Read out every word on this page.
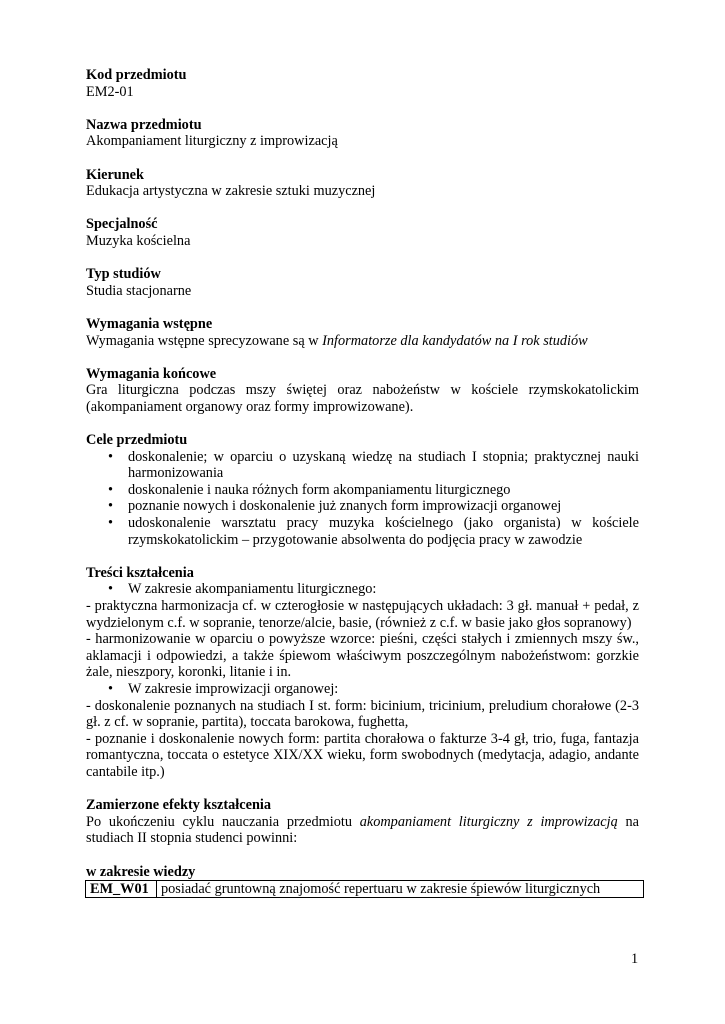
Kod przedmiotu
EM2-01
Nazwa przedmiotu
Akompaniament liturgiczny z improwizacją
Kierunek
Edukacja artystyczna w zakresie sztuki muzycznej
Specjalność
Muzyka kościelna
Typ studiów
Studia stacjonarne
Wymagania wstępne
Wymagania wstępne sprecyzowane są w Informatorze dla kandydatów na I rok studiów
Wymagania końcowe
Gra liturgiczna podczas mszy świętej oraz nabożeństw w kościele rzymskokatolickim (akompaniament organowy oraz formy improwizowane).
Cele przedmiotu
• doskonalenie; w oparciu o uzyskaną wiedzę na studiach I stopnia; praktycznej nauki harmonizowania
• doskonalenie i nauka różnych form akompaniamentu liturgicznego
• poznanie nowych i doskonalenie już znanych form improwizacji organowej
• udoskonalenie warsztatu pracy muzyka kościelnego (jako organista) w kościele rzymskokatolickim – przygotowanie absolwenta do podjęcia pracy w zawodzie
Treści kształcenia
• W zakresie akompaniamentu liturgicznego:
- praktyczna harmonizacja cf. w czterogłosie w następujących układach: 3 gł. manuał + pedał, z wydzielonym c.f. w sopranie, tenorze/alcie, basie, (również z c.f. w basie jako głos sopranowy)
- harmonizowanie w oparciu o powyższe wzorce: pieśni, części stałych i zmiennych mszy św., aklamacji i odpowiedzi, a także śpiewom właściwym poszczególnym nabożeństwom: gorzkie żale, nieszpory, koronki, litanie i in.
• W zakresie improwizacji organowej:
- doskonalenie poznanych na studiach I st. form: bicinium, tricinium, preludium chorałowe (2-3 gł. z cf. w sopranie, partita), toccata barokowa, fughetta,
- poznanie i doskonalenie nowych form: partita chorałowa o fakturze 3-4 gł, trio, fuga, fantazja romantyczna, toccata o estetyce XIX/XX wieku, form swobodnych (medytacja, adagio, andante cantabile itp.)
Zamierzone efekty kształcenia
Po ukończeniu cyklu nauczania przedmiotu akompaniament liturgiczny z improwizacją na studiach II stopnia studenci powinni:
w zakresie wiedzy
EM_W01	posiadać gruntowną znajomość repertuaru w zakresie śpiewów liturgicznych
1
